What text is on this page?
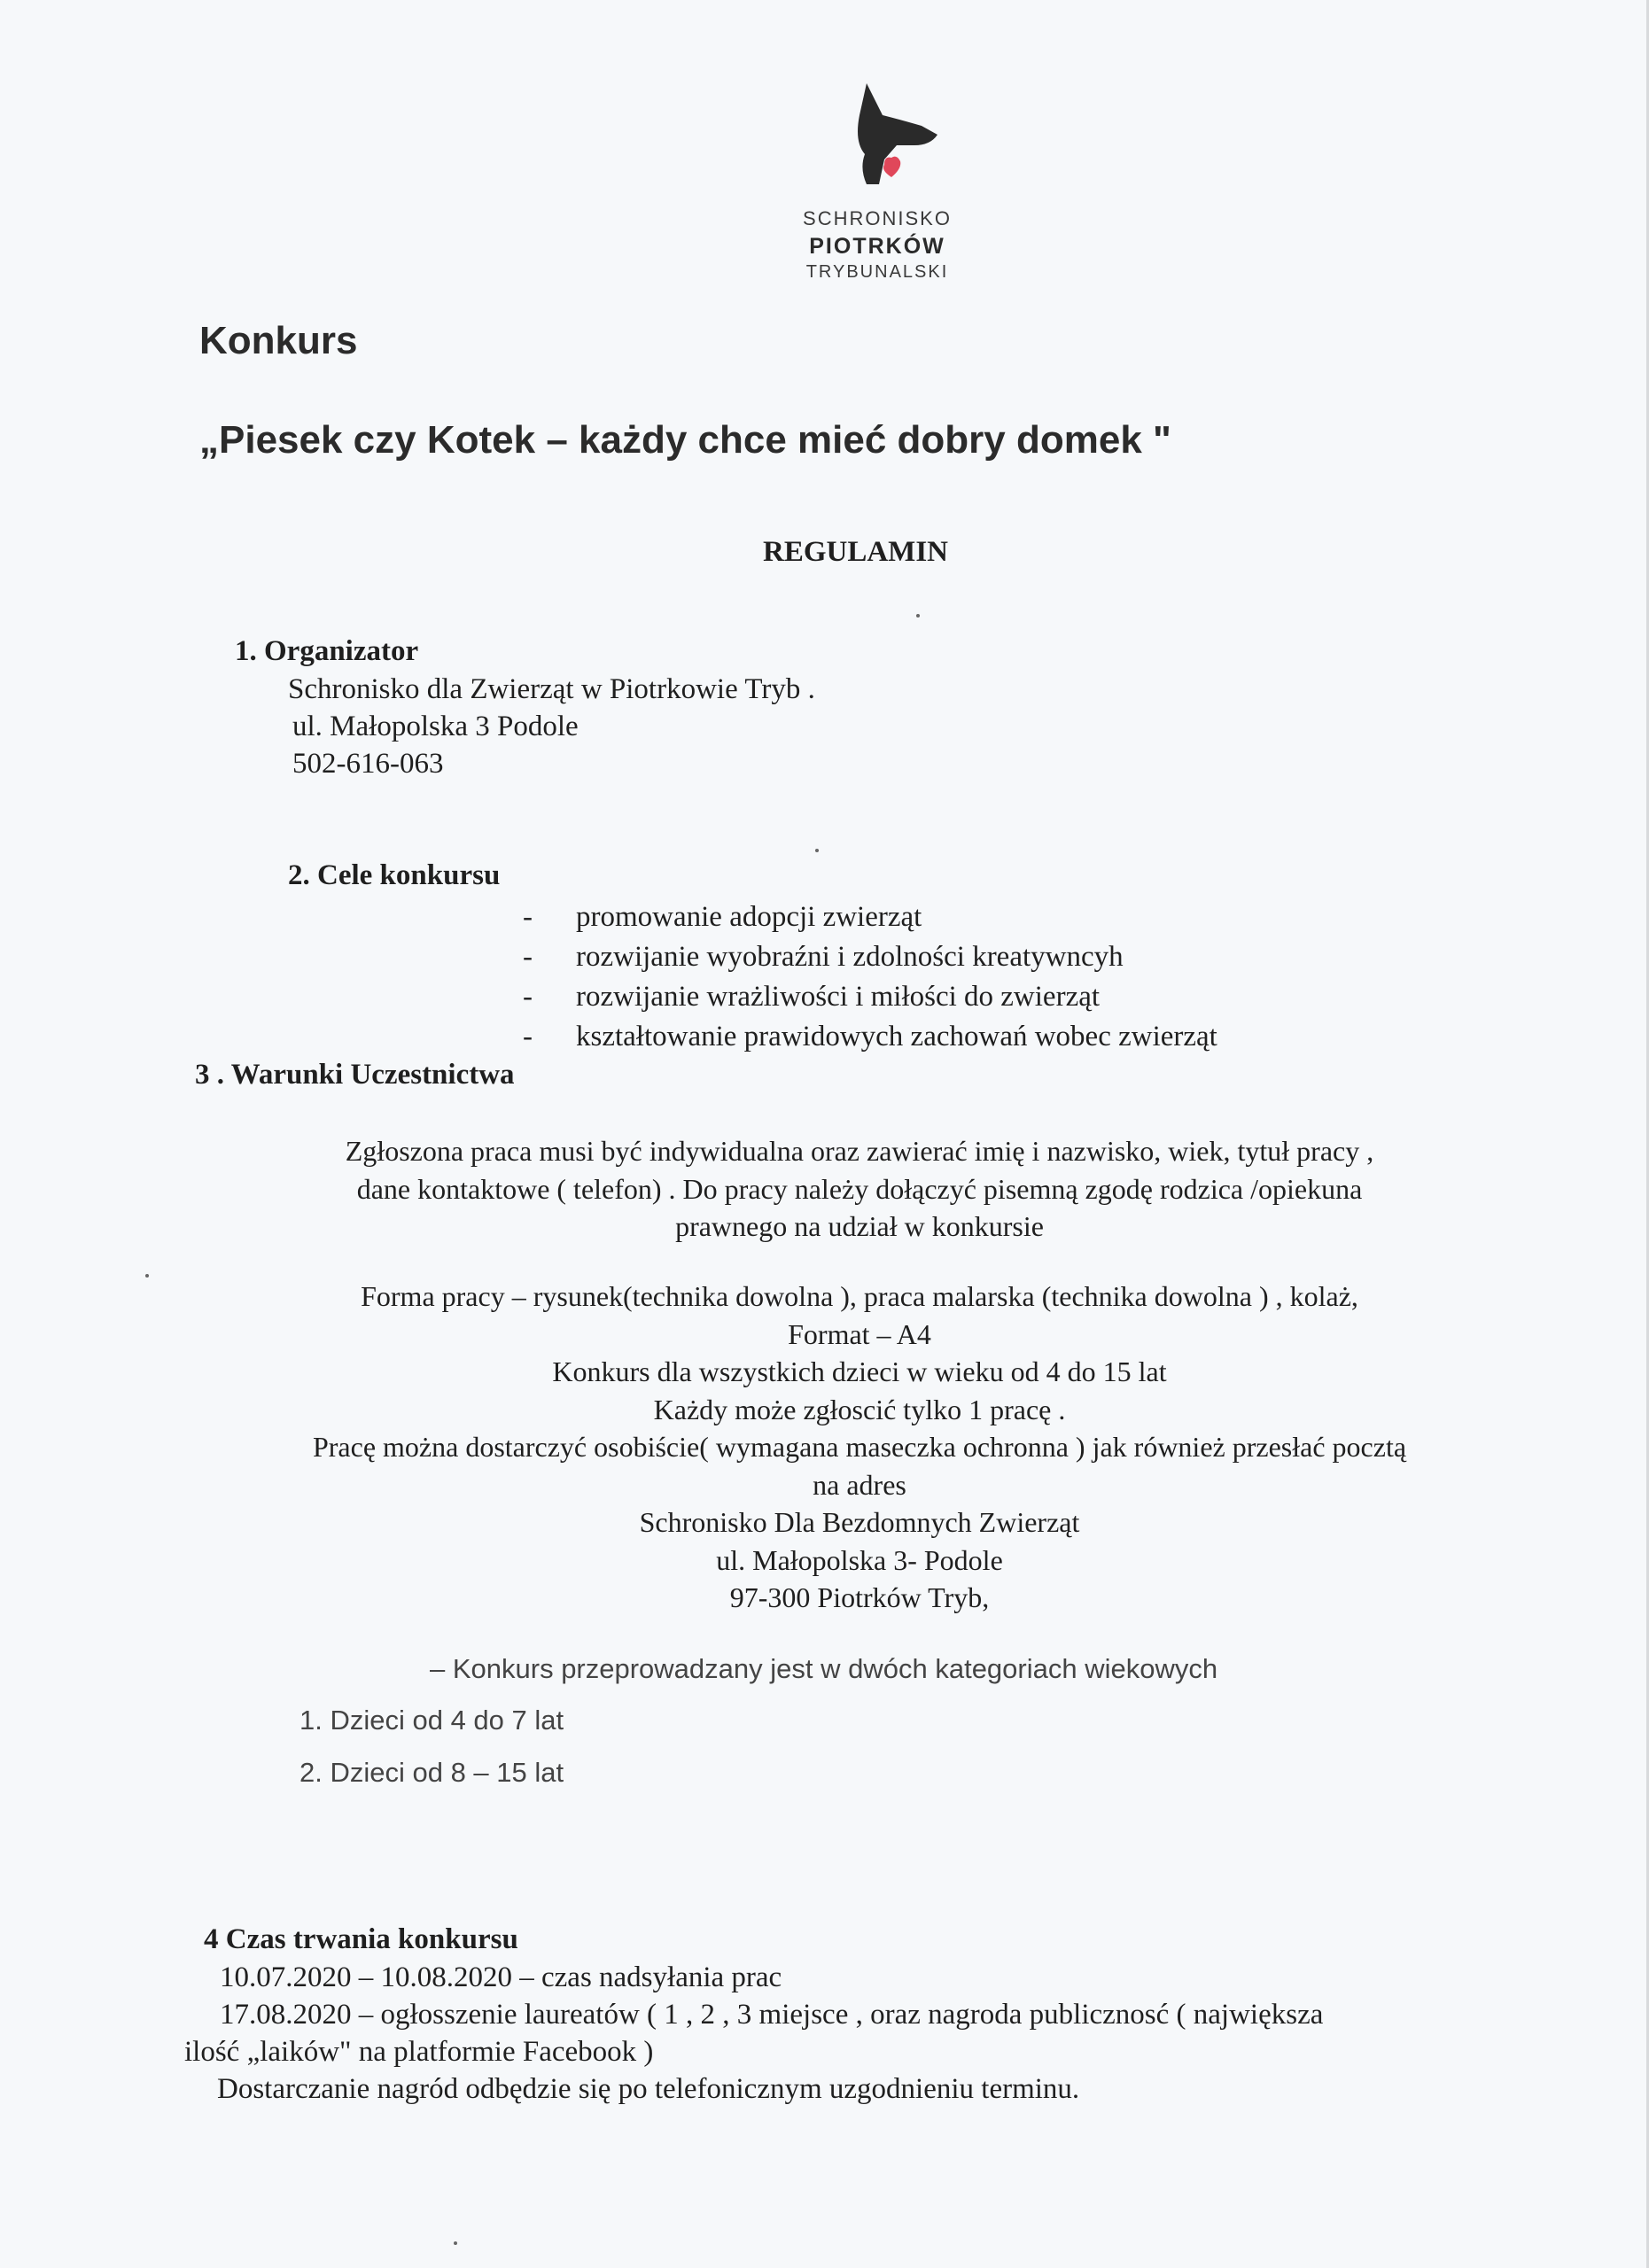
SCHRONISKO
PIOTRKÓW
TRYBUNALSKI
Konkurs
„Piesek czy Kotek – każdy chce mieć dobry domek "
REGULAMIN
1. Organizator
Schronisko dla Zwierząt w Piotrkowie Tryb .
ul. Małopolska 3 Podole
502-616-063
2. Cele konkursu
- promowanie adopcji zwierząt
- rozwijanie wyobraźni i zdolności kreatywncyh
- rozwijanie wrażliwości i miłości do zwierząt
- kształtowanie prawidowych zachowań wobec zwierząt
3 . Warunki Uczestnictwa
Zgłoszona praca musi być indywidualna oraz zawierać imię i nazwisko, wiek, tytuł pracy ,
dane kontaktowe ( telefon) . Do pracy należy dołączyć pisemną zgodę rodzica /opiekuna
prawnego na udział w konkursie
Forma pracy – rysunek(technika dowolna ), praca malarska (technika dowolna ) , kolaż,
Format – A4
Konkurs dla wszystkich dzieci w wieku od 4 do 15 lat
Każdy może zgłoscić tylko 1 pracę .
Pracę można dostarczyć osobiście( wymagana maseczka ochronna ) jak również przesłać pocztą
na adres
Schronisko Dla Bezdomnych Zwierząt
ul. Małopolska 3- Podole
97-300 Piotrków Tryb,
– Konkurs przeprowadzany jest w dwóch kategoriach wiekowych
1. Dzieci od 4 do 7 lat
2. Dzieci od 8 – 15 lat
4 Czas trwania konkursu
10.07.2020 – 10.08.2020 – czas nadsyłania prac
17.08.2020 – ogłosszenie laureatów ( 1 , 2 , 3 miejsce , oraz nagroda publicznosć ( największa
ilość „laików" na platformie Facebook )
Dostarczanie nagród odbędzie się po telefonicznym uzgodnieniu terminu.
